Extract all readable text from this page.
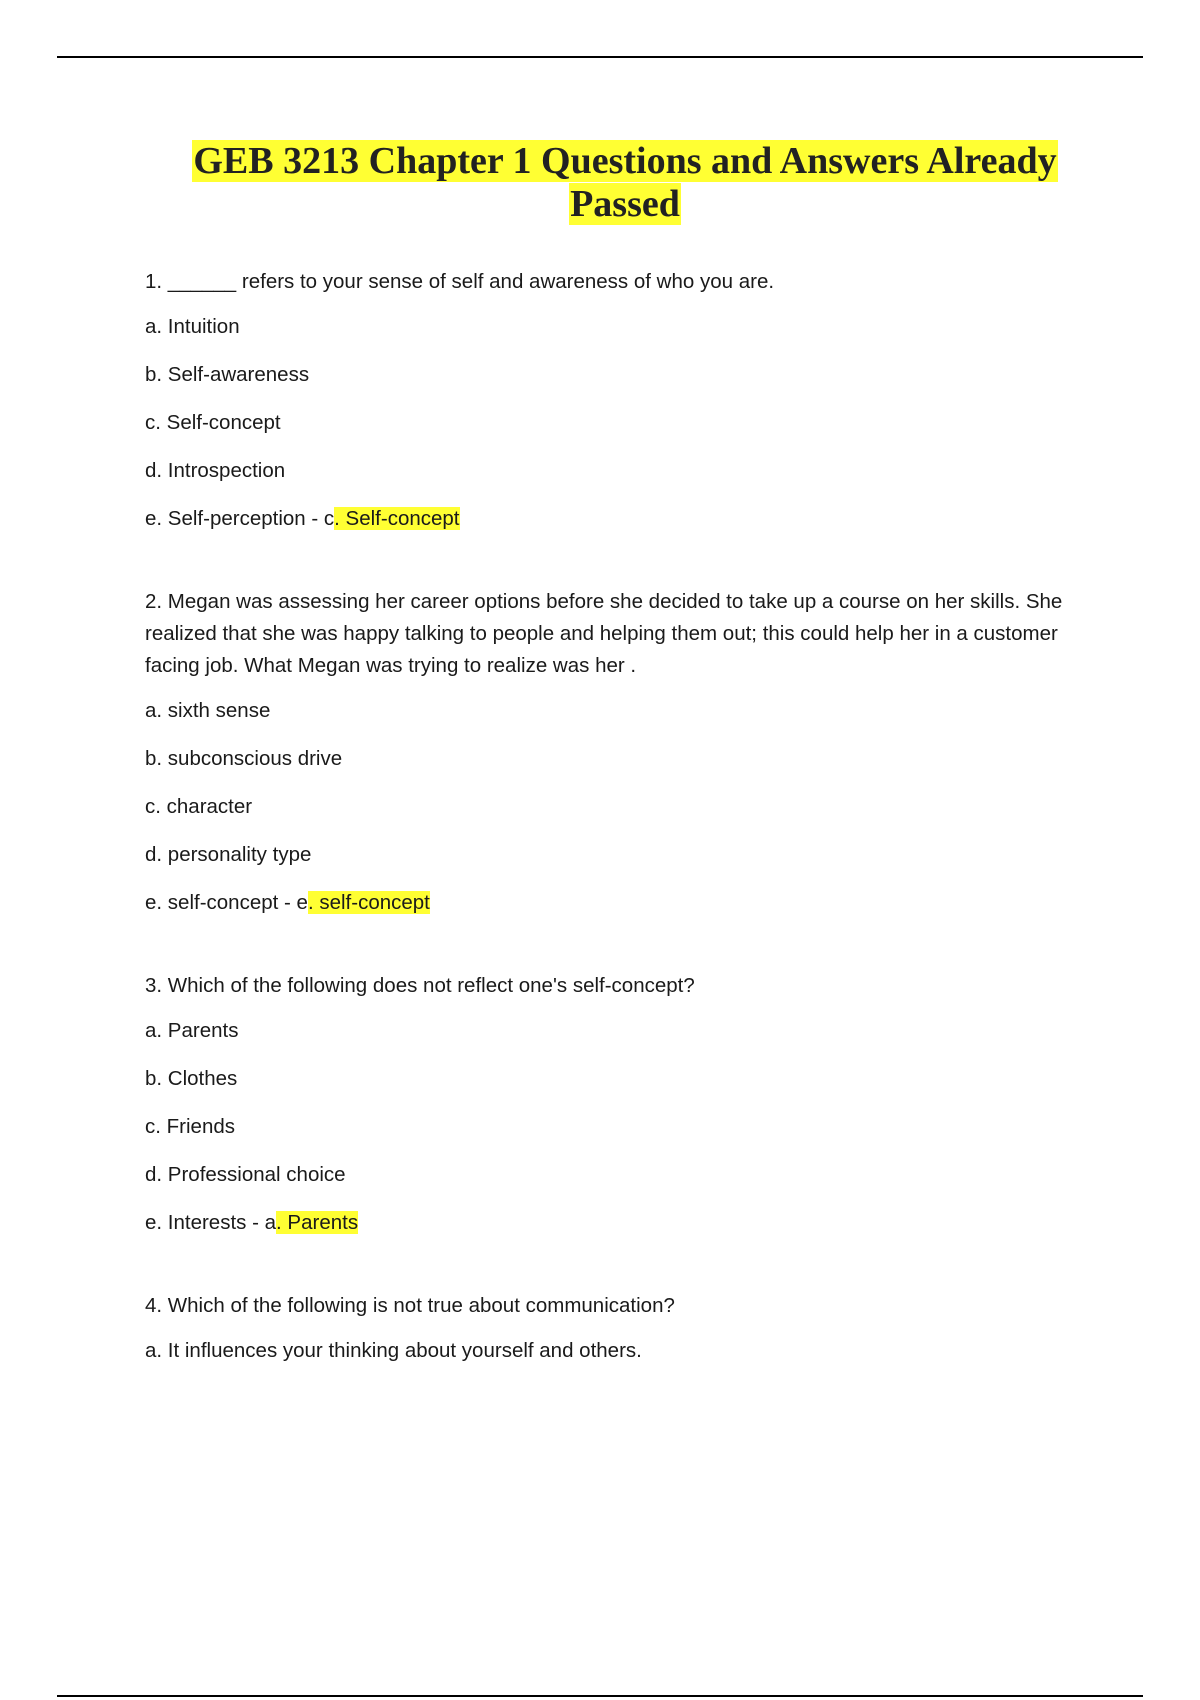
GEB 3213 Chapter 1 Questions and Answers Already
Passed

1. ______ refers to your sense of self and awareness of who you are.

a. Intuition

b. Self-awareness

c. Self-concept

d. Introspection

e. Self-perception - c. Self-concept

2. Megan was assessing her career options before she decided to take up a course on her skills. She realized that she was happy talking to people and helping them out; this could help her in a customer facing job. What Megan was trying to realize was her .

a. sixth sense

b. subconscious drive

c. character

d. personality type

e. self-concept - e. self-concept

3. Which of the following does not reflect one's self-concept?

a. Parents

b. Clothes

c. Friends

d. Professional choice

e. Interests - a. Parents

4. Which of the following is not true about communication?

a. It influences your thinking about yourself and others.
